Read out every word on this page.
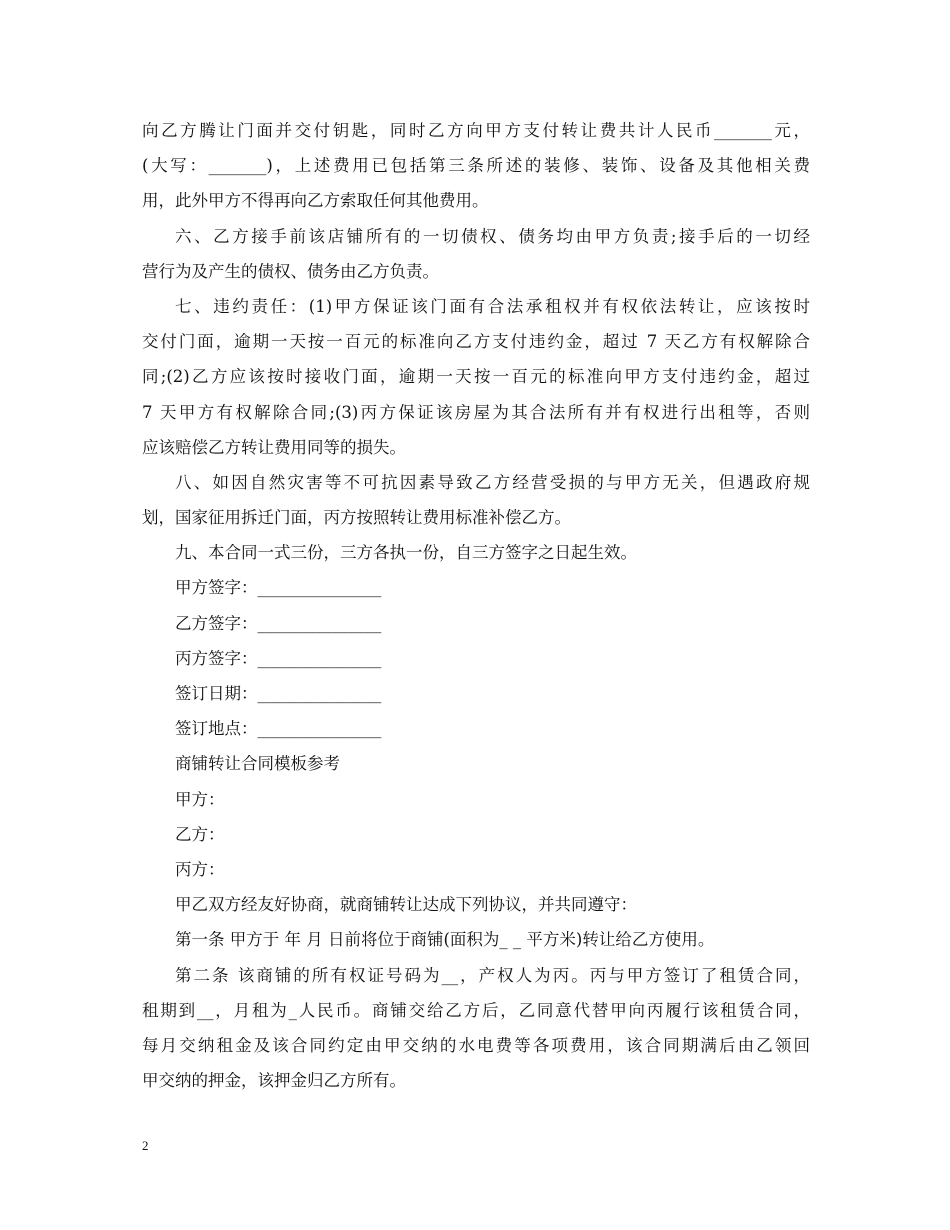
向乙方腾让门面并交付钥匙，同时乙方向甲方支付转让费共计人民币_______元，
(大写：_______)，上述费用已包括第三条所述的装修、装饰、设备及其他相关费
用，此外甲方不得再向乙方索取任何其他费用。
六、乙方接手前该店铺所有的一切债权、债务均由甲方负责;接手后的一切经
营行为及产生的债权、债务由乙方负责。
七、违约责任：(1)甲方保证该门面有合法承租权并有权依法转让，应该按时
交付门面，逾期一天按一百元的标准向乙方支付违约金，超过 7 天乙方有权解除合
同;(2)乙方应该按时接收门面，逾期一天按一百元的标准向甲方支付违约金，超过
7 天甲方有权解除合同;(3)丙方保证该房屋为其合法所有并有权进行出租等，否则
应该赔偿乙方转让费用同等的损失。
八、如因自然灾害等不可抗因素导致乙方经营受损的与甲方无关，但遇政府规
划，国家征用拆迁门面，丙方按照转让费用标准补偿乙方。
九、本合同一式三份，三方各执一份，自三方签字之日起生效。
甲方签字：_______________
乙方签字：_______________
丙方签字：_______________
签订日期：_______________
签订地点：_______________
商铺转让合同模板参考
甲方：
乙方：
丙方：
甲乙双方经友好协商，就商铺转让达成下列协议，并共同遵守：
第一条 甲方于 年 月 日前将位于商铺(面积为_ _ 平方米)转让给乙方使用。
第二条 该商铺的所有权证号码为__，产权人为丙。丙与甲方签订了租赁合同，
租期到__，月租为_人民币。商铺交给乙方后，乙同意代替甲向丙履行该租赁合同，
每月交纳租金及该合同约定由甲交纳的水电费等各项费用，该合同期满后由乙领回
甲交纳的押金，该押金归乙方所有。
2
